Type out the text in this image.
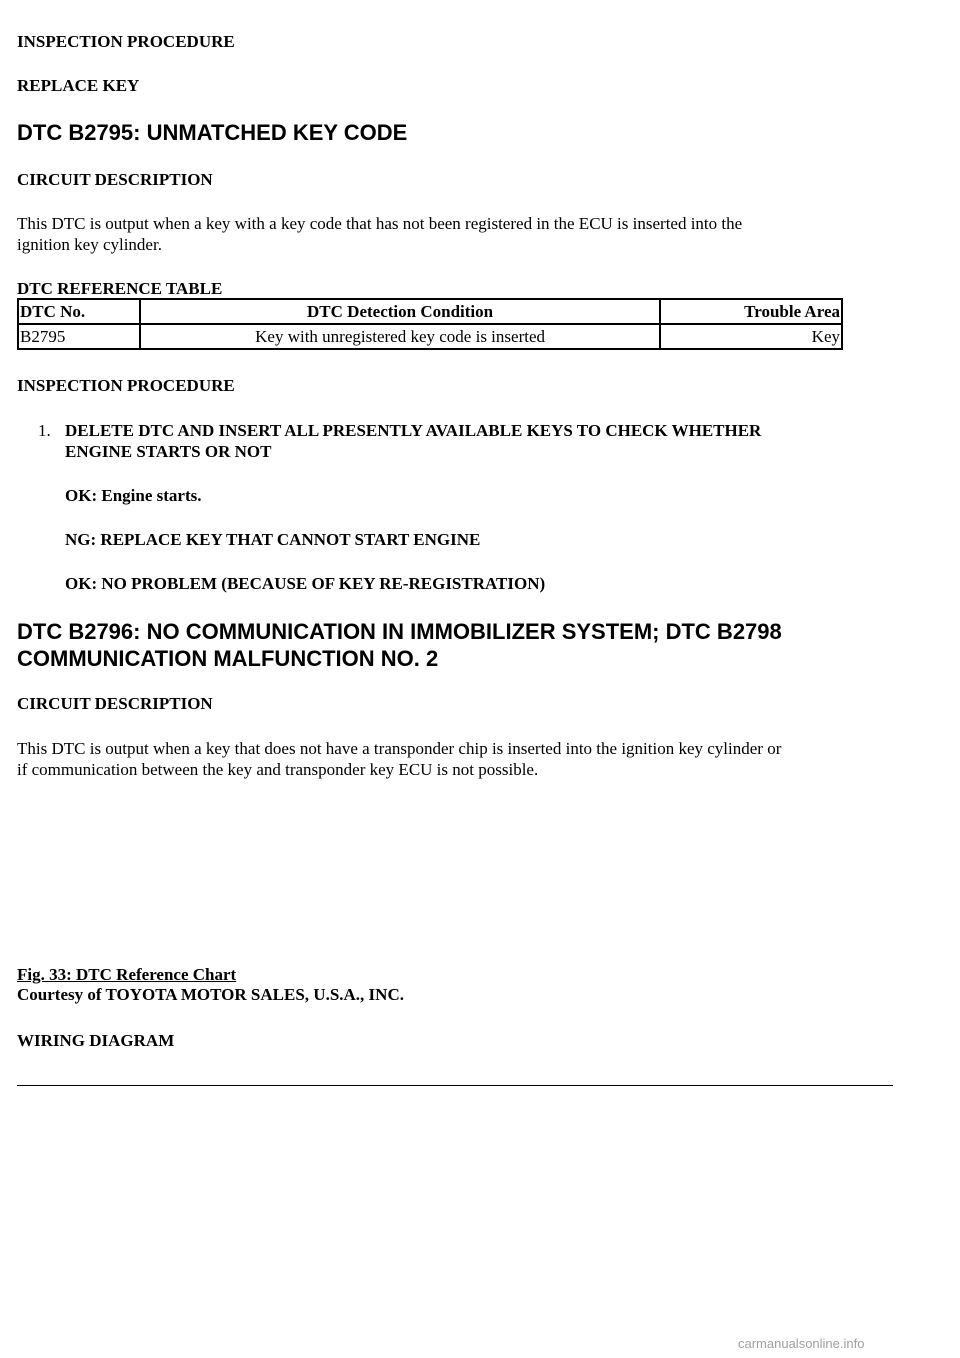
INSPECTION PROCEDURE

REPLACE KEY

DTC B2795: UNMATCHED KEY CODE

CIRCUIT DESCRIPTION

This DTC is output when a key with a key code that has not been registered in the ECU is inserted into the

ignition key cylinder.

DTC REFERENCE TABLE

DTC No.	DTC Detection Condition	Trouble Area
B2795	Key with unregistered key code is inserted	Key

INSPECTION PROCEDURE

1. DELETE DTC AND INSERT ALL PRESENTLY AVAILABLE KEYS TO CHECK WHETHER

ENGINE STARTS OR NOT

OK: Engine starts.

NG: REPLACE KEY THAT CANNOT START ENGINE

OK: NO PROBLEM (BECAUSE OF KEY RE-REGISTRATION)

DTC B2796: NO COMMUNICATION IN IMMOBILIZER SYSTEM; DTC B2798
COMMUNICATION MALFUNCTION NO. 2

CIRCUIT DESCRIPTION

This DTC is output when a key that does not have a transponder chip is inserted into the ignition key cylinder or

if communication between the key and transponder key ECU is not possible.

Fig. 33: DTC Reference Chart

Courtesy of TOYOTA MOTOR SALES, U.S.A., INC.

WIRING DIAGRAM

carmanualsonline.info
